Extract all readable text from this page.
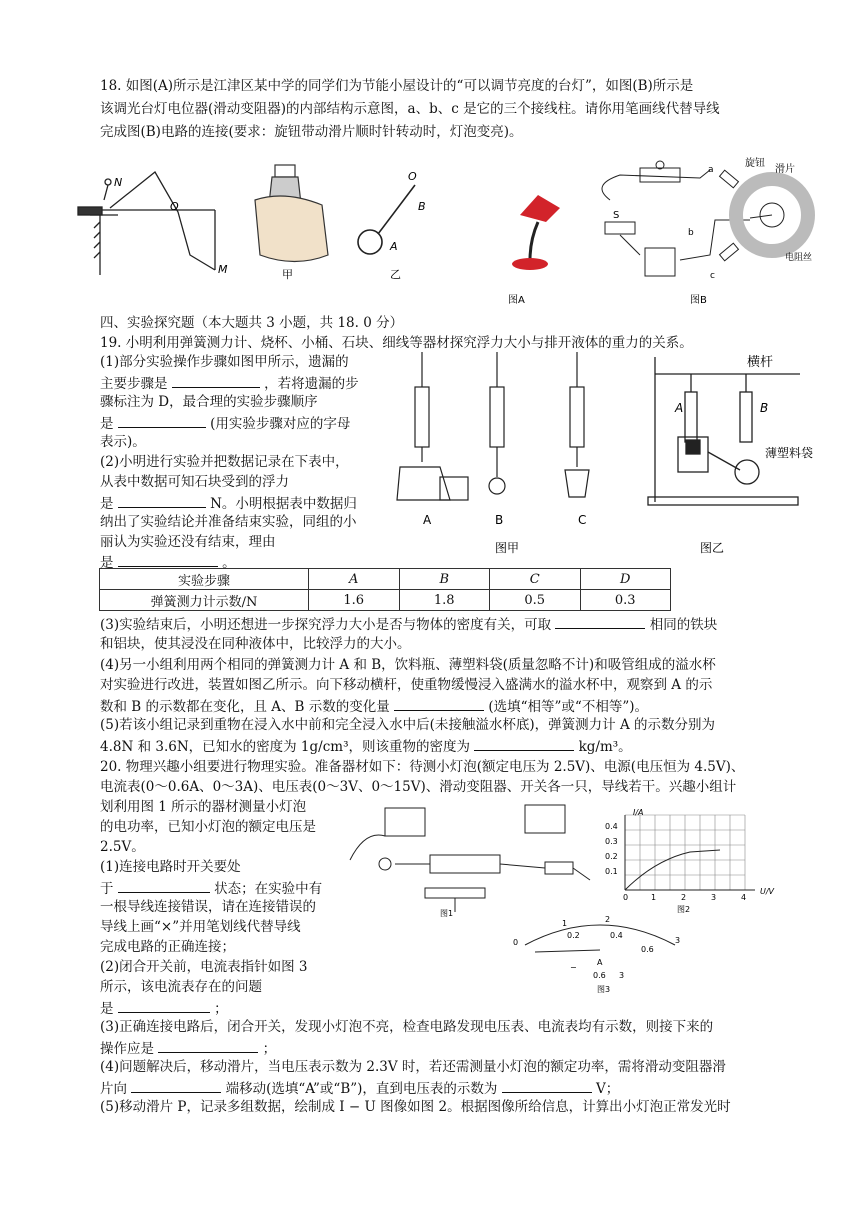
18. 如图(A)所示是江津区某中学的同学们为节能小屋设计的“可以调节亮度的台灯”，如图(B)所示是
该调光台灯电位器(滑动变阻器)的内部结构示意图，a、b、c 是它的三个接线柱。请你用笔画线代替导线
完成图(B)电路的连接(要求：旋钮带动滑片顺时针转动时，灯泡变亮)。
N
O
M	甲
O
B
A
乙
图A
S
a
b
c
旋钮
滑片
电阻丝
图B
四、实验探究题（本大题共 3 小题，共 18. 0 分）
19. 小明利用弹簧测力计、烧杯、小桶、石块、细线等器材探究浮力大小与排开液体的重力的关系。
(1)部分实验操作步骤如图甲所示，遗漏的
主要步骤是	，若将遗漏的步
骤标注为 D，最合理的实验步骤顺序
是	(用实验步骤对应的字母
表示)。
(2)小明进行实验并把数据记录在下表中，
从表中数据可知石块受到的浮力
是	N。小明根据表中数据归
纳出了实验结论并准备结束实验，同组的小
丽认为实验还没有结束，理由
是	。
A	B	C
图甲
横杆
A	B
薄塑料袋
图乙
实验步骤	A	B	C	D
弹簧测力计示数/N	1.6	1.8	0.5	0.3
(3)实验结束后，小明还想进一步探究浮力大小是否与物体的密度有关，可取	相同的铁块
和铝块，使其浸没在同种液体中，比较浮力的大小。
(4)另一小组利用两个相同的弹簧测力计 A 和 B，饮料瓶、薄塑料袋(质量忽略不计)和吸管组成的溢水杯
对实验进行改进，装置如图乙所示。向下移动横杆，使重物缓慢浸入盛满水的溢水杯中，观察到 A 的示
数和 B 的示数都在变化，且 A、B 示数的变化量	(选填“相等”或“不相等”)。
(5)若该小组记录到重物在浸入水中前和完全浸入水中后(未接触溢水杯底)，弹簧测力计 A 的示数分别为
4.8N 和 3.6N，已知水的密度为 1g/cm³，则该重物的密度为	kg/m³。
20. 物理兴趣小组要进行物理实验。准备器材如下：待测小灯泡(额定电压为 2.5V)、电源(电压恒为 4.5V)、
电流表(0～0.6A、0～3A)、电压表(0～3V、0～15V)、滑动变阻器、开关各一只，导线若干。兴趣小组计
划利用图 1 所示的器材测量小灯泡
的电功率，已知小灯泡的额定电压是
2.5V。
(1)连接电路时开关要处
于	状态；在实验中有
一根导线连接错误，请在连接错误的
导线上画“×”并用笔划线代替导线
完成电路的正确连接；
(2)闭合开关前，电流表指针如图 3
所示，该电流表存在的问题
是	；
(3)正确连接电路后，闭合开关，发现小灯泡不亮，检查电路发现电压表、电流表均有示数，则接下来的
操作应是	；
(4)问题解决后，移动滑片，当电压表示数为 2.3V 时，若还需测量小灯泡的额定功率，需将滑动变阻器滑
片向	端移动(选填“A”或“B”)，直到电压表的示数为	V；
(5)移动滑片 P，记录多组数据，绘制成 I − U 图像如图 2。根据图像所给信息，计算出小灯泡正常发光时
图1
I/A
U/V
0.4
0.3
0.2
0.1
0	1	2	3	4
图2
1	2
3
0
0.2	0.4
0.6
A
−
0.6 3
图3
